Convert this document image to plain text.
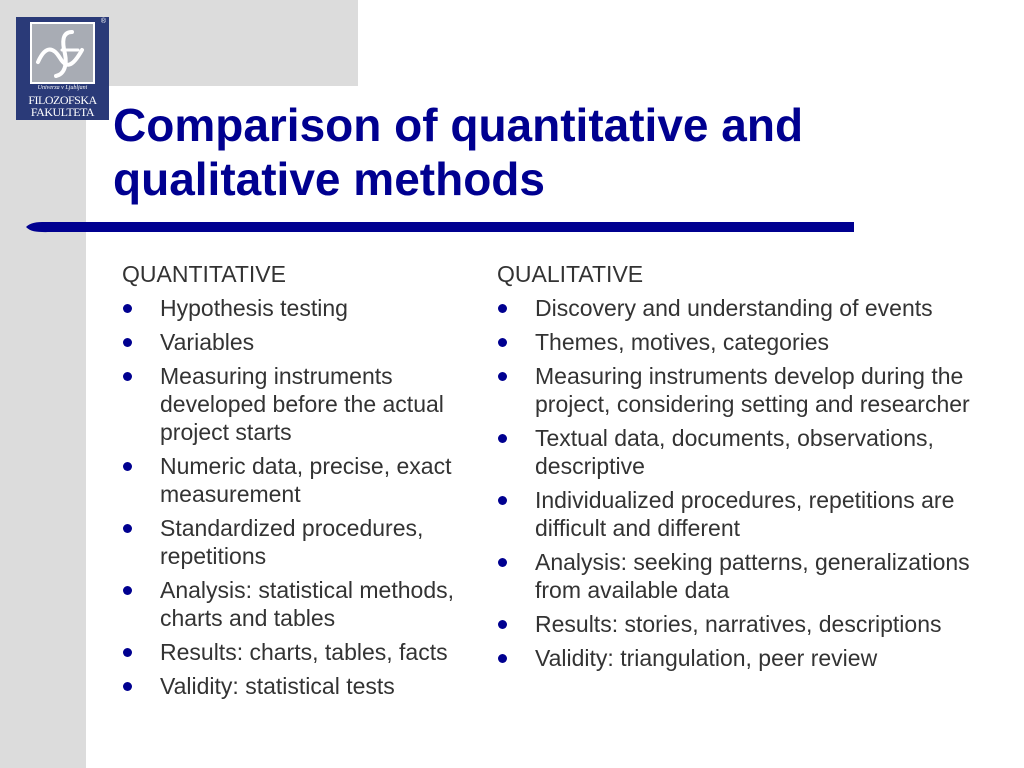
®
Univerza v Ljubljani
FILOZOFSKA
FAKULTETA Comparison of quantitative and
qualitative methods
QUANTITATIVE
Hypothesis testing
Variables
Measuring instruments developed before the actual project starts
Numeric data, precise, exact measurement
Standardized procedures, repetitions
Analysis: statistical methods, charts and tables
Results: charts, tables, facts
Validity: statistical tests
QUALITATIVE
Discovery and understanding of events
Themes, motives, categories
Measuring instruments develop during the project, considering setting and researcher
Textual data, documents, observations, descriptive
Individualized procedures, repetitions are difficult and different
Analysis: seeking patterns, generalizations from available data
Results: stories, narratives, descriptions
Validity: triangulation, peer review
